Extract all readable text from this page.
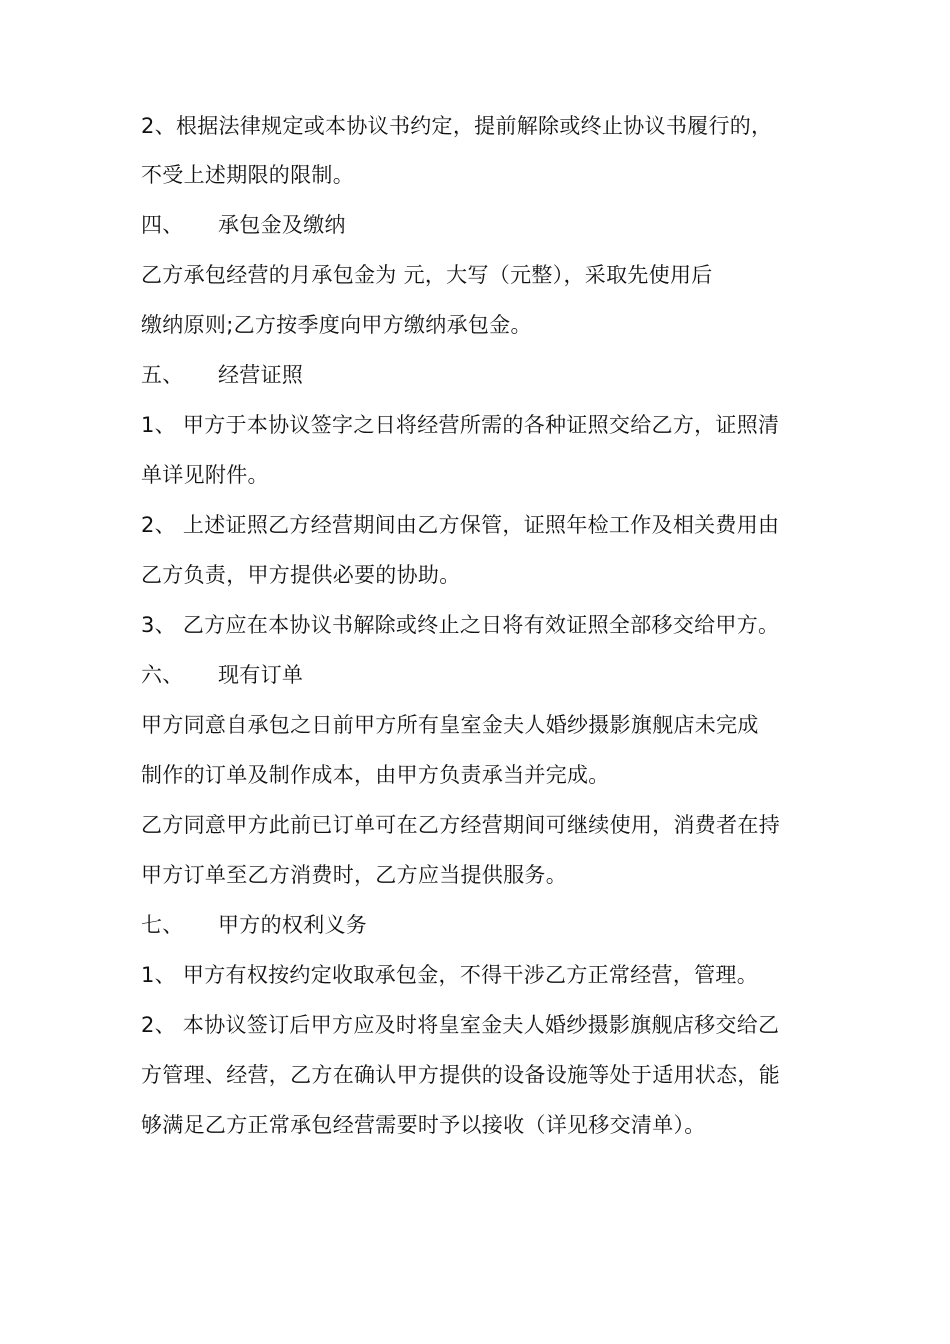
2、根据法律规定或本协议书约定，提前解除或终止协议书履行的，
不受上述期限的限制。
四、 承包金及缴纳
乙方承包经营的月承包金为 元，大写（元整），采取先使用后
缴纳原则;乙方按季度向甲方缴纳承包金。
五、 经营证照
1、 甲方于本协议签字之日将经营所需的各种证照交给乙方，证照清
单详见附件。
2、 上述证照乙方经营期间由乙方保管，证照年检工作及相关费用由
乙方负责，甲方提供必要的协助。
3、 乙方应在本协议书解除或终止之日将有效证照全部移交给甲方。
六、 现有订单
甲方同意自承包之日前甲方所有皇室金夫人婚纱摄影旗舰店未完成
制作的订单及制作成本，由甲方负责承当并完成。
乙方同意甲方此前已订单可在乙方经营期间可继续使用，消费者在持
甲方订单至乙方消费时，乙方应当提供服务。
七、 甲方的权利义务
1、 甲方有权按约定收取承包金，不得干涉乙方正常经营，管理。
2、 本协议签订后甲方应及时将皇室金夫人婚纱摄影旗舰店移交给乙
方管理、经营，乙方在确认甲方提供的设备设施等处于适用状态，能
够满足乙方正常承包经营需要时予以接收（详见移交清单）。
